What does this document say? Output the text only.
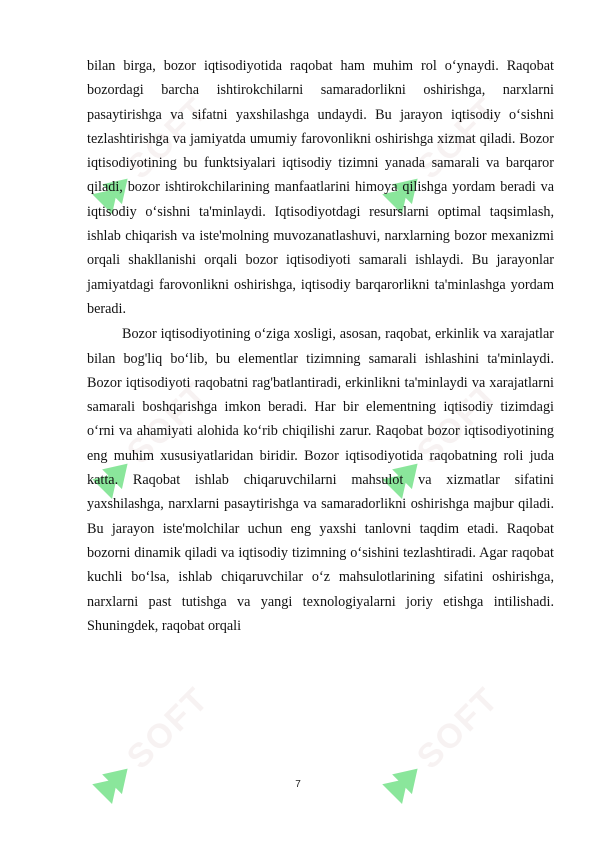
SOFT	SOFT
SOFT	SOFT
SOFT	SOFT

bilan birga, bozor iqtisodiyotida raqobat ham muhim rol o‘ynaydi. Raqobat bozordagi barcha ishtirokchilarni samaradorlikni oshirishga, narxlarni pasaytirishga va sifatni yaxshilashga undaydi. Bu jarayon iqtisodiy o‘sishni tezlashtirishga va jamiyatda umumiy farovonlikni oshirishga xizmat qiladi. Bozor iqtisodiyotining bu funktsiyalari iqtisodiy tizimni yanada samarali va barqaror qiladi, bozor ishtirokchilarining manfaatlarini himoya qilishga yordam beradi va iqtisodiy o‘sishni ta'minlaydi. Iqtisodiyotdagi resurslarni optimal taqsimlash, ishlab chiqarish va iste'molning muvozanatlashuvi, narxlarning bozor mexanizmi orqali shakllanishi orqali bozor iqtisodiyoti samarali ishlaydi. Bu jarayonlar jamiyatdagi farovonlikni oshirishga, iqtisodiy barqarorlikni ta'minlashga yordam beradi.

Bozor iqtisodiyotining o‘ziga xosligi, asosan, raqobat, erkinlik va xarajatlar bilan bog'liq bo‘lib, bu elementlar tizimning samarali ishlashini ta'minlaydi. Bozor iqtisodiyoti raqobatni rag'batlantiradi, erkinlikni ta'minlaydi va xarajatlarni samarali boshqarishga imkon beradi. Har bir elementning iqtisodiy tizimdagi o‘rni va ahamiyati alohida ko‘rib chiqilishi zarur. Raqobat bozor iqtisodiyotining eng muhim xususiyatlaridan biridir. Bozor iqtisodiyotida raqobatning roli juda katta. Raqobat ishlab chiqaruvchilarni mahsulot va xizmatlar sifatini yaxshilashga, narxlarni pasaytirishga va samaradorlikni oshirishga majbur qiladi. Bu jarayon iste'molchilar uchun eng yaxshi tanlovni taqdim etadi. Raqobat bozorni dinamik qiladi va iqtisodiy tizimning o‘sishini tezlashtiradi. Agar raqobat kuchli bo‘lsa, ishlab chiqaruvchilar o‘z mahsulotlarining sifatini oshirishga, narxlarni past tutishga va yangi texnologiyalarni joriy etishga intilishadi. Shuningdek, raqobat orqali

7
